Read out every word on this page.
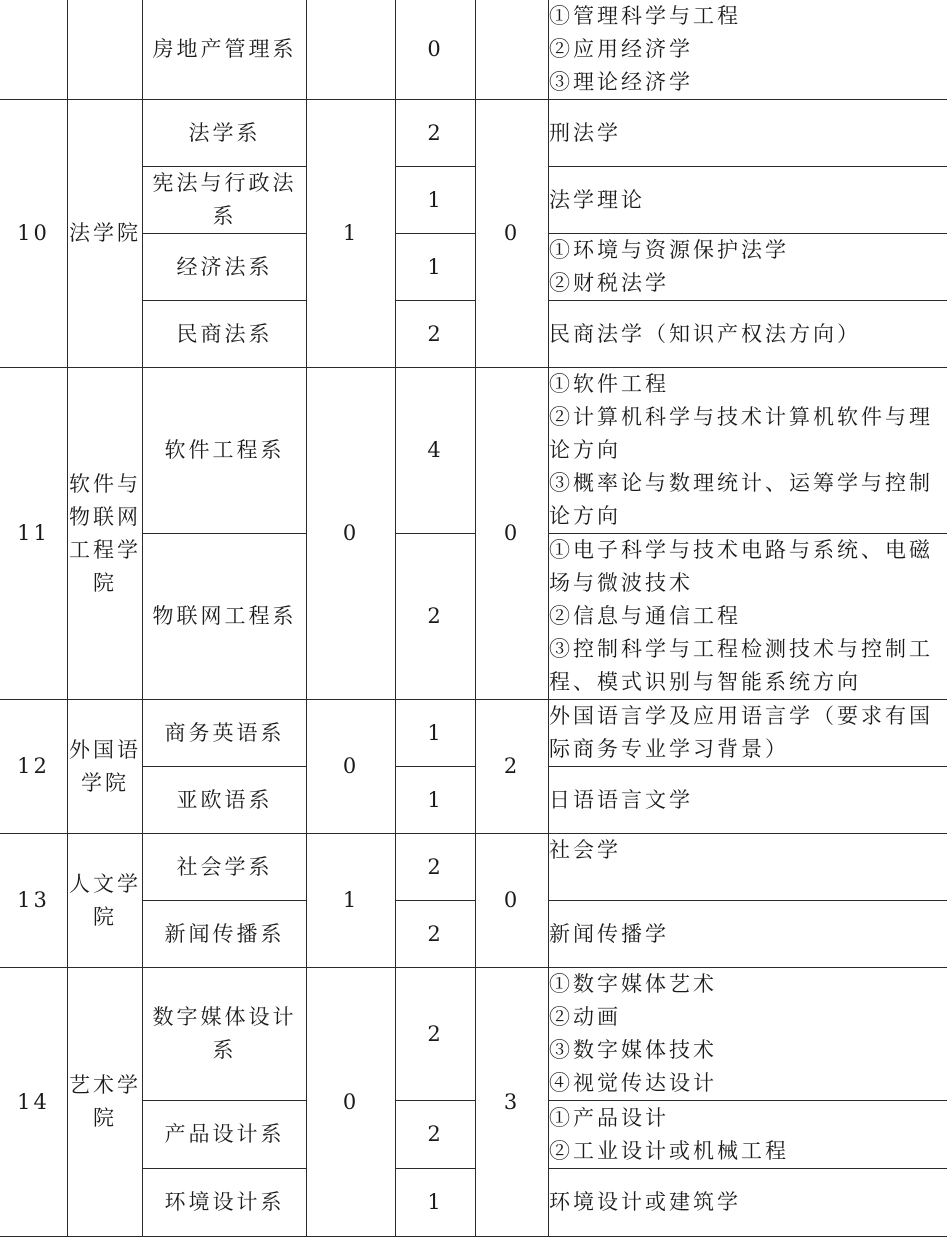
		房地产管理系		0		①管理科学与工程
②应用经济学
③理论经济学

10	法学院	法学系	1	2	0	刑法学

		宪法与行政法系		1		法学理论

		经济法系		1		①环境与资源保护法学
②财税法学

		民商法系		2		民商法学（知识产权法方向）

11	软件与物联网工程学院	软件工程系	0	4	0	①软件工程
②计算机科学与技术计算机软件与理论方向
③概率论与数理统计、运筹学与控制论方向

		物联网工程系		2		①电子科学与技术电路与系统、电磁场与微波技术
②信息与通信工程
③控制科学与工程检测技术与控制工程、模式识别与智能系统方向

12	外国语学院	商务英语系	0	1	2	外国语言学及应用语言学（要求有国际商务专业学习背景）

		亚欧语系		1		日语语言文学

13	人文学院	社会学系	1	2	0	社会学

		新闻传播系		2		新闻传播学

14	艺术学院	数字媒体设计系	0	2	3	①数字媒体艺术
②动画
③数字媒体技术
④视觉传达设计

		产品设计系		2		①产品设计
②工业设计或机械工程

		环境设计系		1		环境设计或建筑学
